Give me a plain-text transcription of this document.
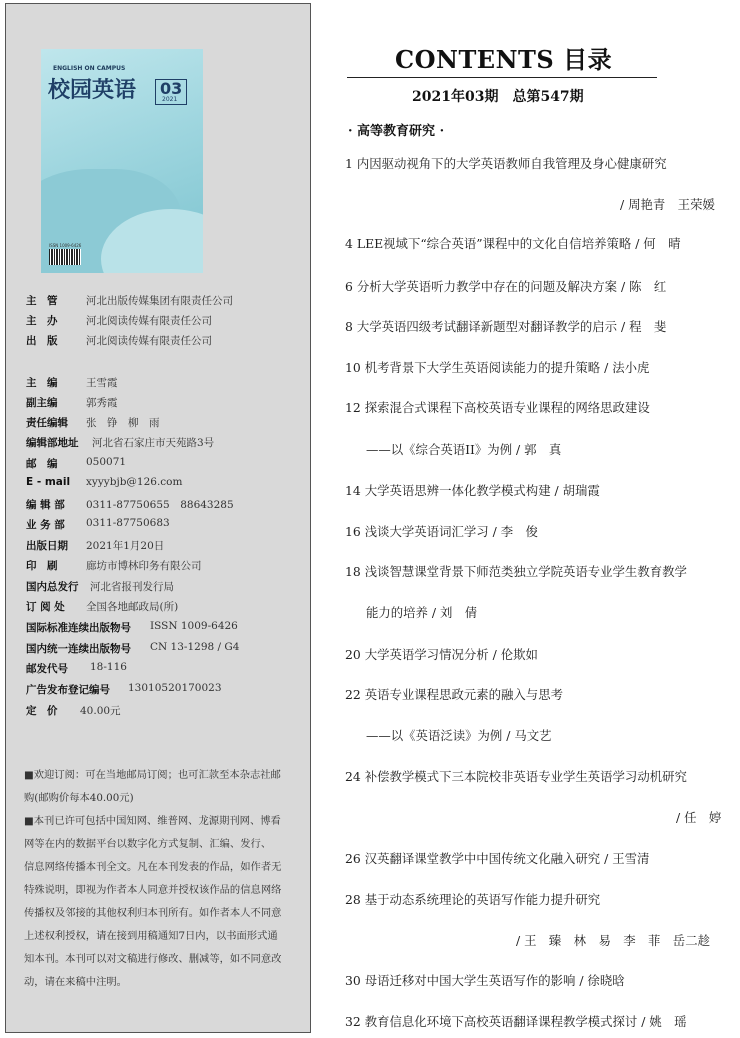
ENGLISH ON CAMPUS
校园英语 03
2021
ISSN 1009-6426
主　管	河北出版传媒集团有限责任公司
主　办	河北阅读传媒有限责任公司
出　版	河北阅读传媒有限责任公司
主　编	王雪霞
副主编	郭秀霞
责任编辑 张　铮　柳　雨
编辑部地址 河北省石家庄市天苑路3号
邮　编	050071
E - mail xyyybjb@126.com
编 辑 部 0311-87750655　88643285
业 务 部 0311-87750683
出版日期 2021年1月20日
印　刷	廊坊市博林印务有限公司
国内总发行 河北省报刊发行局
订 阅 处 全国各地邮政局(所)
国际标准连续出版物号 ISSN 1009-6426
国内统一连续出版物号 CN 13-1298 / G4
邮发代号 18-116
广告发布登记编号 13010520170023
定　价 40.00元

■欢迎订阅：可在当地邮局订阅；也可汇款至本杂志社邮

购(邮购价每本40.00元)

■本刊已许可包括中国知网、维普网、龙源期刊网、博看

网等在内的数据平台以数字化方式复制、汇编、发行、

信息网络传播本刊全文。凡在本刊发表的作品，如作者无

特殊说明，即视为作者本人同意并授权该作品的信息网络

传播权及邻接的其他权利归本刊所有。如作者本人不同意

上述权利授权，请在接到用稿通知7日内，以书面形式通

知本刊。本刊可以对文稿进行修改、删减等，如不同意改

动，请在来稿中注明。

CONTENTS 目录
2021年03期　总第547期
· 高等教育研究 ·
1 内因驱动视角下的大学英语教师自我管理及身心健康研究
/ 周艳青　王荣媛
4 LEE视域下“综合英语”课程中的文化自信培养策略 / 何　晴
6 分析大学英语听力教学中存在的问题及解决方案 / 陈　红
8 大学英语四级考试翻译新题型对翻译教学的启示 / 程　斐
10 机考背景下大学生英语阅读能力的提升策略 / 法小虎
12 探索混合式课程下高校英语专业课程的网络思政建设
——以《综合英语II》为例 / 郭　真
14 大学英语思辨一体化教学模式构建 / 胡瑞霞
16 浅谈大学英语词汇学习 / 李　俊
18 浅谈智慧课堂背景下师范类独立学院英语专业学生教育教学
能力的培养 / 刘　倩
20 大学英语学习情况分析 / 伦欺如
22 英语专业课程思政元素的融入与思考
——以《英语泛读》为例 / 马文艺
24 补偿教学模式下三本院校非英语专业学生英语学习动机研究
/ 任　婷
26 汉英翻译课堂教学中中国传统文化融入研究 / 王雪清
28 基于动态系统理论的英语写作能力提升研究
/ 王　臻　林　易　李　菲　岳二趁
30 母语迁移对中国大学生英语写作的影响 / 徐晓晗
32 教育信息化环境下高校英语翻译课程教学模式探讨 / 姚　瑶
